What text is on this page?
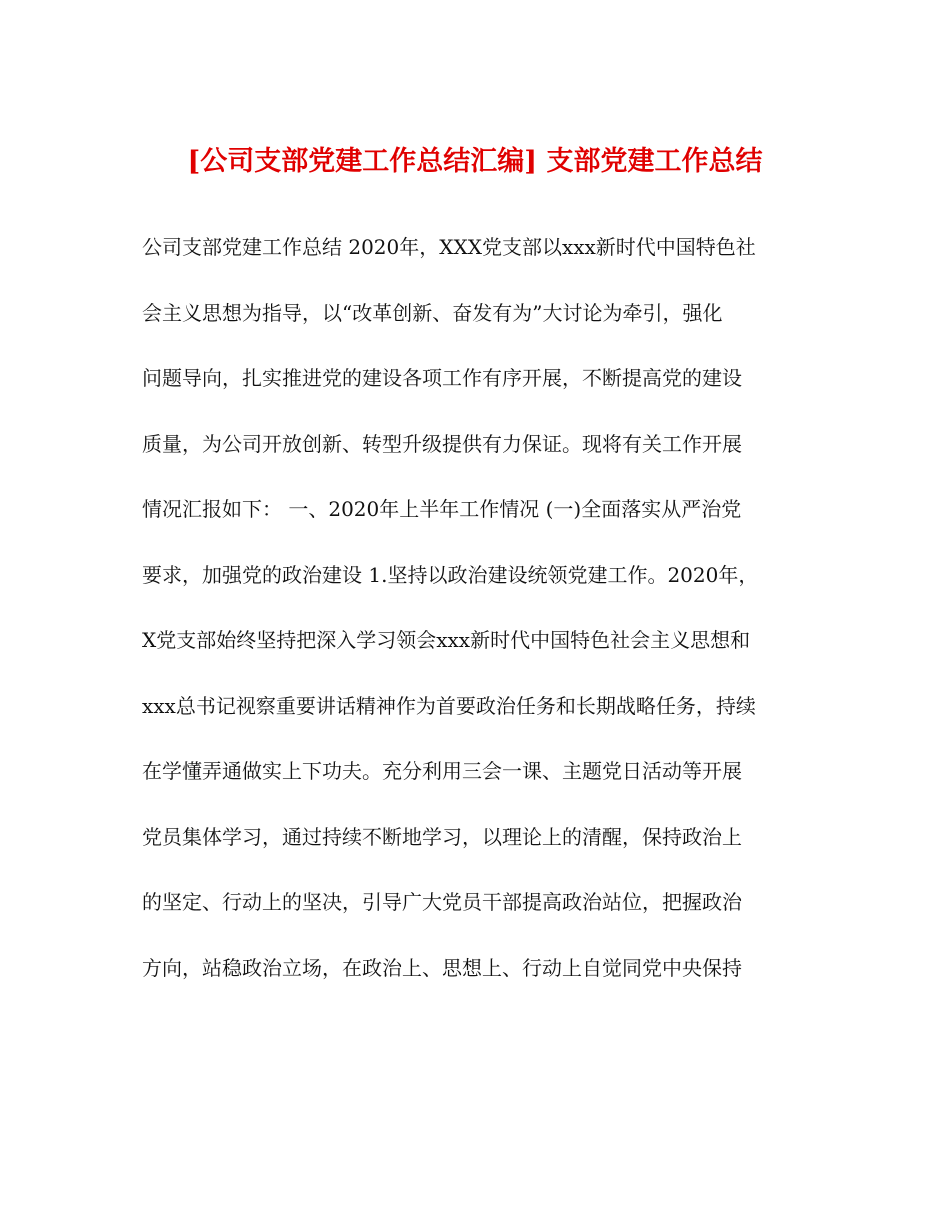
[公司支部党建工作总结汇编] 支部党建工作总结
公司支部党建工作总结 2020年，XXX党支部以xxx新时代中国特色社
会主义思想为指导，以“改革创新、奋发有为”大讨论为牵引，强化
问题导向，扎实推进党的建设各项工作有序开展，不断提高党的建设
质量，为公司开放创新、转型升级提供有力保证。现将有关工作开展
情况汇报如下： 一、2020年上半年工作情况 (一)全面落实从严治党
要求，加强党的政治建设 1.坚持以政治建设统领党建工作。2020年，
X党支部始终坚持把深入学习领会xxx新时代中国特色社会主义思想和
xxx总书记视察重要讲话精神作为首要政治任务和长期战略任务，持续
在学懂弄通做实上下功夫。充分利用三会一课、主题党日活动等开展
党员集体学习，通过持续不断地学习，以理论上的清醒，保持政治上
的坚定、行动上的坚决，引导广大党员干部提高政治站位，把握政治
方向，站稳政治立场，在政治上、思想上、行动上自觉同党中央保持
